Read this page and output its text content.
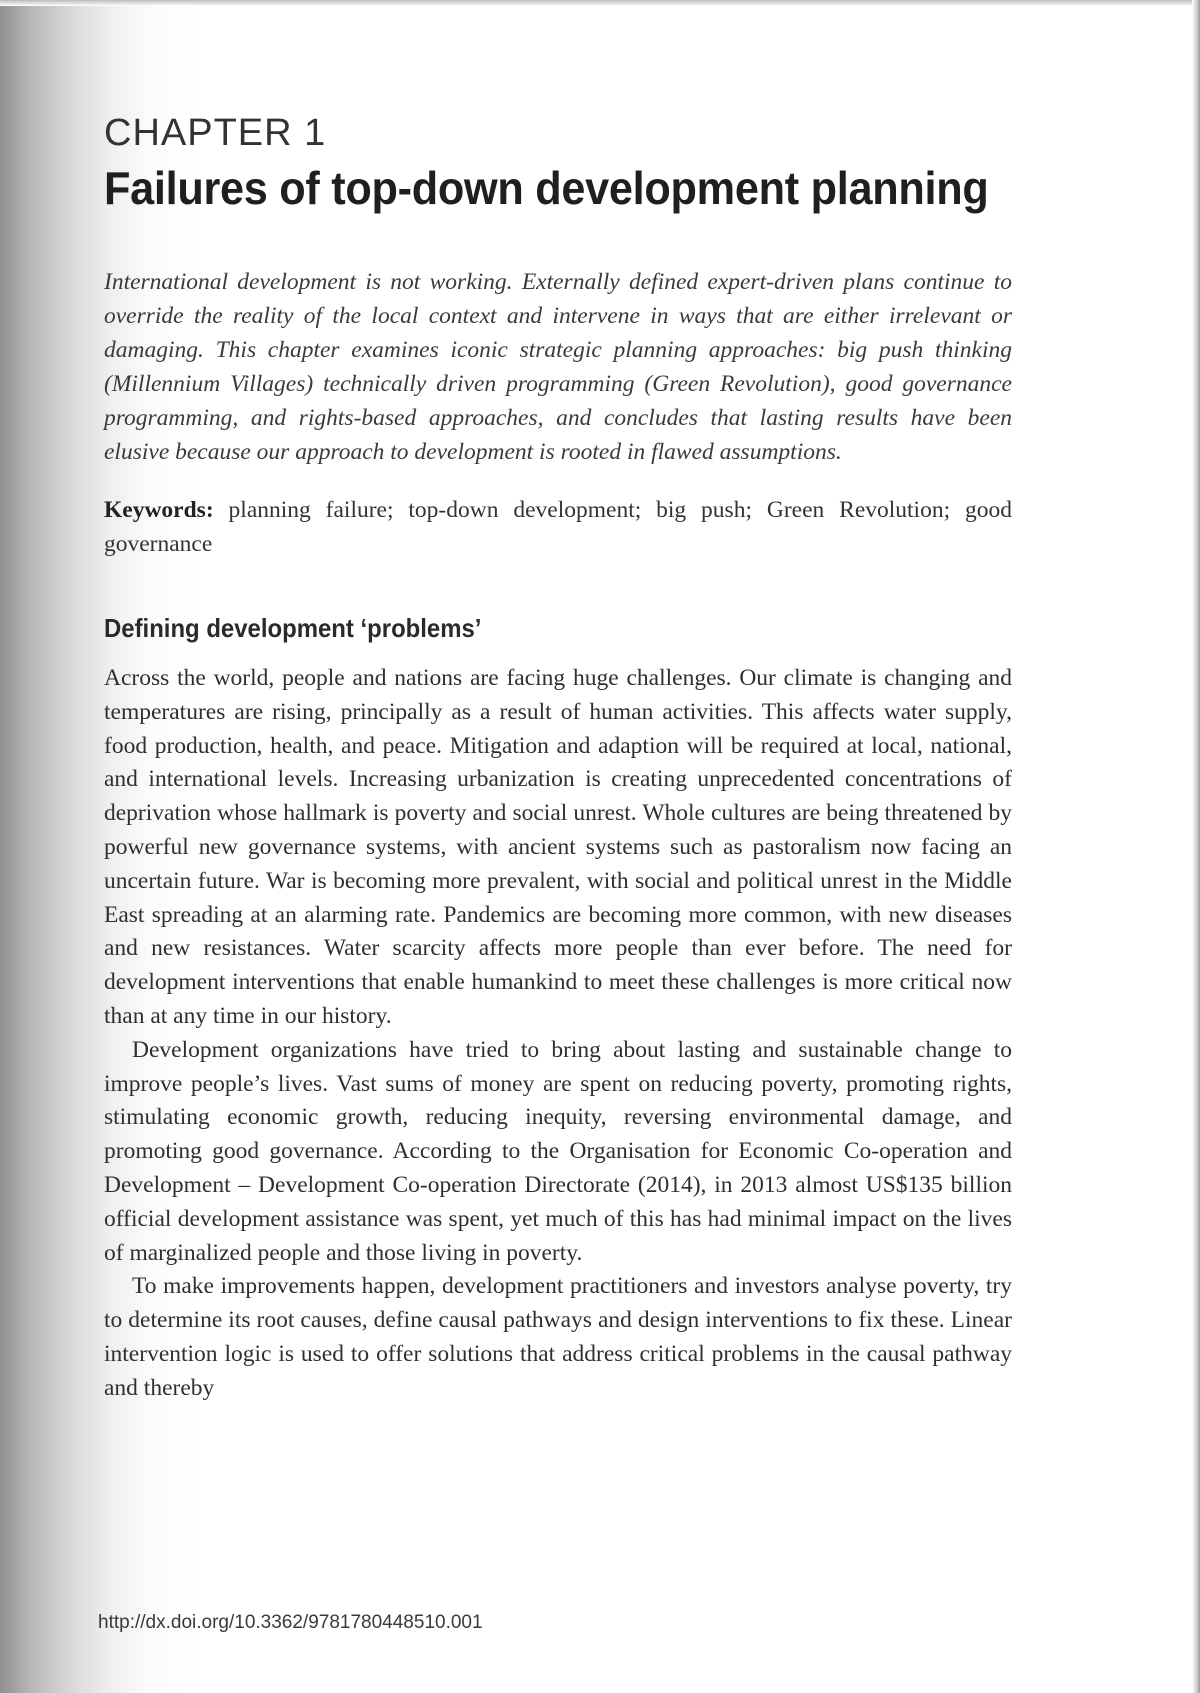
CHAPTER 1
Failures of top-down development planning

International development is not working. Externally defined expert-driven plans continue to override the reality of the local context and intervene in ways that are either irrelevant or damaging. This chapter examines iconic strategic planning approaches: big push thinking (Millennium Villages) technically driven programming (Green Revolution), good governance programming, and rights-based approaches, and concludes that lasting results have been elusive because our approach to development is rooted in flawed assumptions.

Keywords: planning failure; top-down development; big push; Green Revolution; good governance

Defining development ‘problems’

Across the world, people and nations are facing huge challenges. Our climate is changing and temperatures are rising, principally as a result of human activities. This affects water supply, food production, health, and peace. Mitigation and adaption will be required at local, national, and international levels. Increasing urbanization is creating unprecedented concentrations of deprivation whose hallmark is poverty and social unrest. Whole cultures are being threatened by powerful new governance systems, with ancient systems such as pastoralism now facing an uncertain future. War is becoming more prevalent, with social and political unrest in the Middle East spreading at an alarming rate. Pandemics are becoming more common, with new diseases and new resistances. Water scarcity affects more people than ever before. The need for development interventions that enable humankind to meet these challenges is more critical now than at any time in our history.

Development organizations have tried to bring about lasting and sustainable change to improve people’s lives. Vast sums of money are spent on reducing poverty, promoting rights, stimulating economic growth, reducing inequity, reversing environmental damage, and promoting good governance. According to the Organisation for Economic Co-operation and Development – Development Co-operation Directorate (2014), in 2013 almost US$135 billion official development assistance was spent, yet much of this has had minimal impact on the lives of marginalized people and those living in poverty.

To make improvements happen, development practitioners and investors analyse poverty, try to determine its root causes, define causal pathways and design interventions to fix these. Linear intervention logic is used to offer solutions that address critical problems in the causal pathway and thereby

http://dx.doi.org/10.3362/9781780448510.001
